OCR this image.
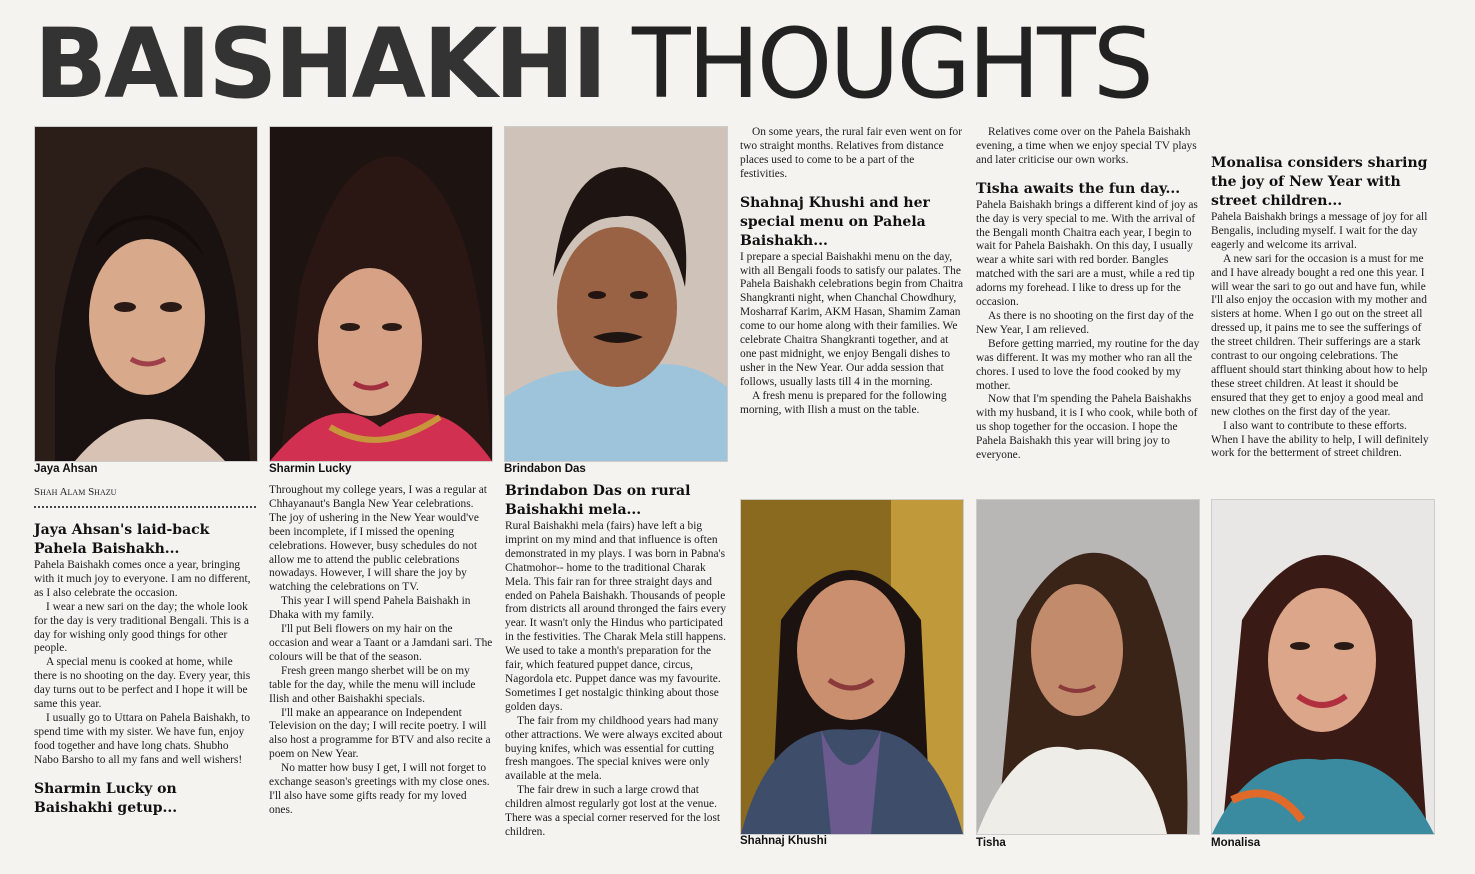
BAISHAKHI THOUGHTS
Jaya Ahsan	Sharmin Lucky	Brindabon Das
Shahnaj Khushi	Tisha	Monalisa
Shah Alam Shazu
Jaya Ahsan's laid-back Pahela Baishakh...

Pahela Baishakh comes once a year, bringing with it much joy to everyone. I am no different, as I also celebrate the occasion.

I wear a new sari on the day; the whole look for the day is very traditional Bengali. This is a day for wishing only good things for other people.

A special menu is cooked at home, while there is no shooting on the day. Every year, this day turns out to be perfect and I hope it will be same this year.

I usually go to Uttara on Pahela Baishakh, to spend time with my sister. We have fun, enjoy food together and have long chats. Shubho Nabo Barsho to all my fans and well wishers!

Sharmin Lucky on Baishakhi getup...

Throughout my college years, I was a regular at Chhayanaut's Bangla New Year celebrations. The joy of ushering in the New Year would've been incomplete, if I missed the opening celebrations. However, busy schedules do not allow me to attend the public celebrations nowadays. However, I will share the joy by watching the celebrations on TV.

This year I will spend Pahela Baishakh in Dhaka with my family.

I'll put Beli flowers on my hair on the occasion and wear a Taant or a Jamdani sari. The colours will be that of the season.

Fresh green mango sherbet will be on my table for the day, while the menu will include Ilish and other Baishakhi specials.

I'll make an appearance on Independent Television on the day; I will recite poetry. I will also host a programme for BTV and also recite a poem on New Year.

No matter how busy I get, I will not forget to exchange season's greetings with my close ones. I'll also have some gifts ready for my loved ones.

Brindabon Das on rural Baishakhi mela...

Rural Baishakhi mela (fairs) have left a big imprint on my mind and that influence is often demonstrated in my plays. I was born in Pabna's Chatmohor-- home to the traditional Charak Mela. This fair ran for three straight days and ended on Pahela Baishakh. Thousands of people from districts all around thronged the fairs every year. It wasn't only the Hindus who participated in the festivities. The Charak Mela still happens. We used to take a month's preparation for the fair, which featured puppet dance, circus, Nagordola etc. Puppet dance was my favourite. Sometimes I get nostalgic thinking about those golden days.

The fair from my childhood years had many other attractions. We were always excited about buying knifes, which was essential for cutting fresh mangoes. The special knives were only available at the mela.

The fair drew in such a large crowd that children almost regularly got lost at the venue. There was a special corner reserved for the lost children.

On some years, the rural fair even went on for two straight months. Relatives from distance places used to come to be a part of the festivities.

Shahnaj Khushi and her special menu on Pahela Baishakh...

I prepare a special Baishakhi menu on the day, with all Bengali foods to satisfy our palates. The Pahela Baishakh celebrations begin from Chaitra Shangkranti night, when Chanchal Chowdhury, Mosharraf Karim, AKM Hasan, Shamim Zaman come to our home along with their families. We celebrate Chaitra Shangkranti together, and at one past midnight, we enjoy Bengali dishes to usher in the New Year. Our adda session that follows, usually lasts till 4 in the morning.

A fresh menu is prepared for the following morning, with Ilish a must on the table.

Relatives come over on the Pahela Baishakh evening, a time when we enjoy special TV plays and later criticise our own works.

Tisha awaits the fun day...

Pahela Baishakh brings a different kind of joy as the day is very special to me. With the arrival of the Bengali month Chaitra each year, I begin to wait for Pahela Baishakh. On this day, I usually wear a white sari with red border. Bangles matched with the sari are a must, while a red tip adorns my forehead. I like to dress up for the occasion.

As there is no shooting on the first day of the New Year, I am relieved.

Before getting married, my routine for the day was different. It was my mother who ran all the chores. I used to love the food cooked by my mother.

Now that I'm spending the Pahela Baishakhs with my husband, it is I who cook, while both of us shop together for the occasion. I hope the Pahela Baishakh this year will bring joy to everyone.

Monalisa considers sharing the joy of New Year with street children...

Pahela Baishakh brings a message of joy for all Bengalis, including myself. I wait for the day eagerly and welcome its arrival.

A new sari for the occasion is a must for me and I have already bought a red one this year. I will wear the sari to go out and have fun, while I'll also enjoy the occasion with my mother and sisters at home. When I go out on the street all dressed up, it pains me to see the sufferings of the street children. Their sufferings are a stark contrast to our ongoing celebrations. The affluent should start thinking about how to help these street children. At least it should be ensured that they get to enjoy a good meal and new clothes on the first day of the year.

I also want to contribute to these efforts. When I have the ability to help, I will definitely work for the betterment of street children.
